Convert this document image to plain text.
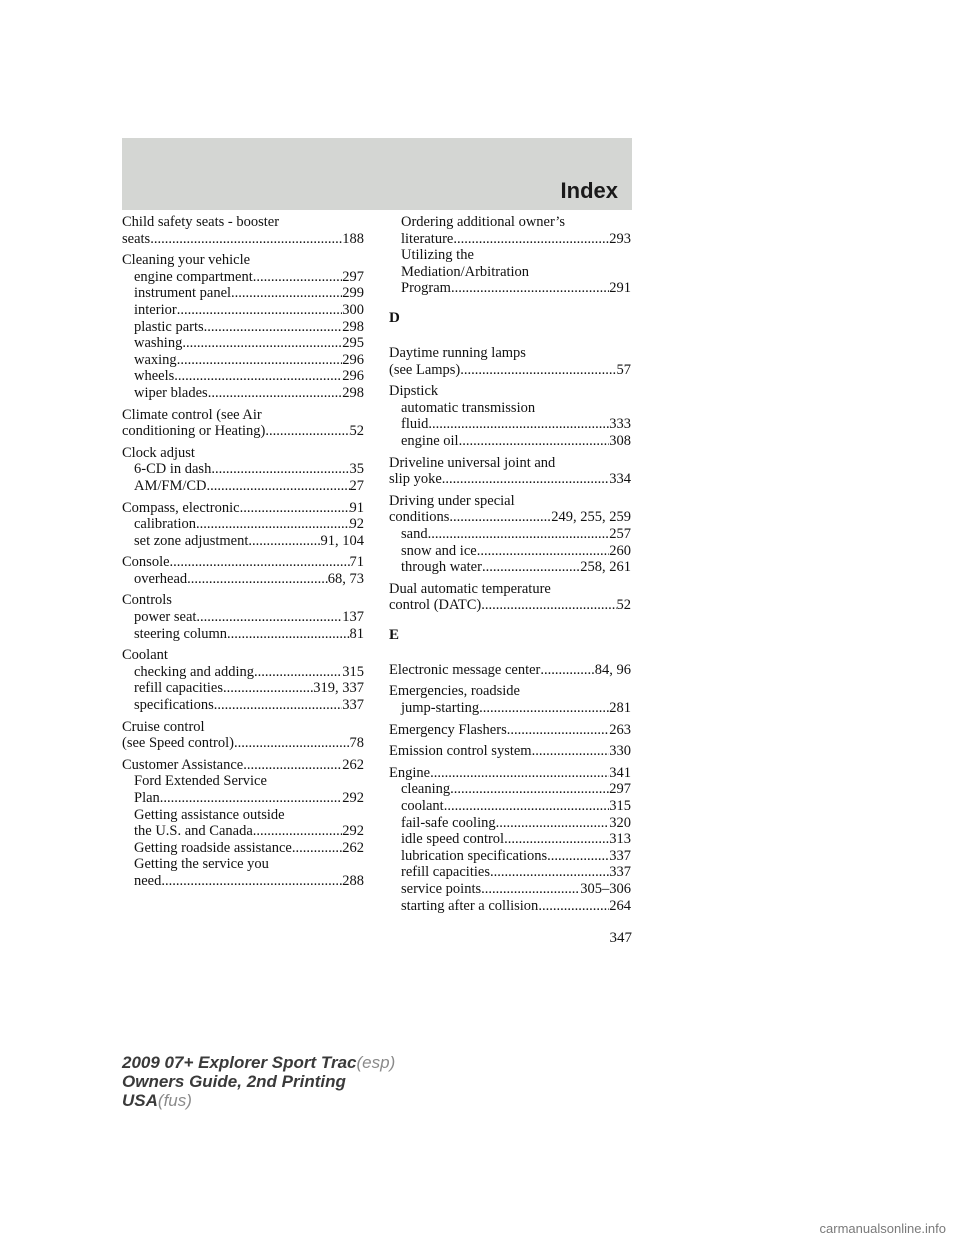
Index
Child safety seats - booster
seats .....	188
Cleaning your vehicle
engine compartment .....	297
instrument panel .....	299
interior .....	300
plastic parts .....	298
washing .....	295
waxing .....	296
wheels .....	296
wiper blades .....	298
Climate control (see Air
conditioning or Heating) .....	52
Clock adjust
6-CD in dash .....	35
AM/FM/CD .....	27
Compass, electronic .....	91
calibration .....	92
set zone adjustment .....	91, 104
Console .....	71
overhead .....	68, 73
Controls
power seat .....	137
steering column .....	81
Coolant
checking and adding .....	315
refill capacities .....	319, 337
specifications .....	337
Cruise control
(see Speed control) .....	78
Customer Assistance .....	262
Ford Extended Service
Plan .....	292
Getting assistance outside
the U.S. and Canada .....	292
Getting roadside assistance .....	262
Getting the service you
need .....	288
Ordering additional owner’s
literature .....	293
Utilizing the
Mediation/Arbitration
Program .....	291
D
Daytime running lamps
(see Lamps) .....	57
Dipstick
automatic transmission
fluid .....	333
engine oil .....	308
Driveline universal joint and
slip yoke .....	334
Driving under special
conditions .....	249, 255, 259
sand .....	257
snow and ice .....	260
through water .....	258, 261
Dual automatic temperature
control (DATC) .....	52
E
Electronic message center .....	84, 96
Emergencies, roadside
jump-starting .....	281
Emergency Flashers .....	263
Emission control system .....	330
Engine .....	341
cleaning .....	297
coolant .....	315
fail-safe cooling .....	320
idle speed control .....	313
lubrication specifications .....	337
refill capacities .....	337
service points .....	305–306
starting after a collision .....	264
347
2009 07+ Explorer Sport Trac(esp)
Owners Guide, 2nd Printing
USA(fus)
carmanualsonline.info
